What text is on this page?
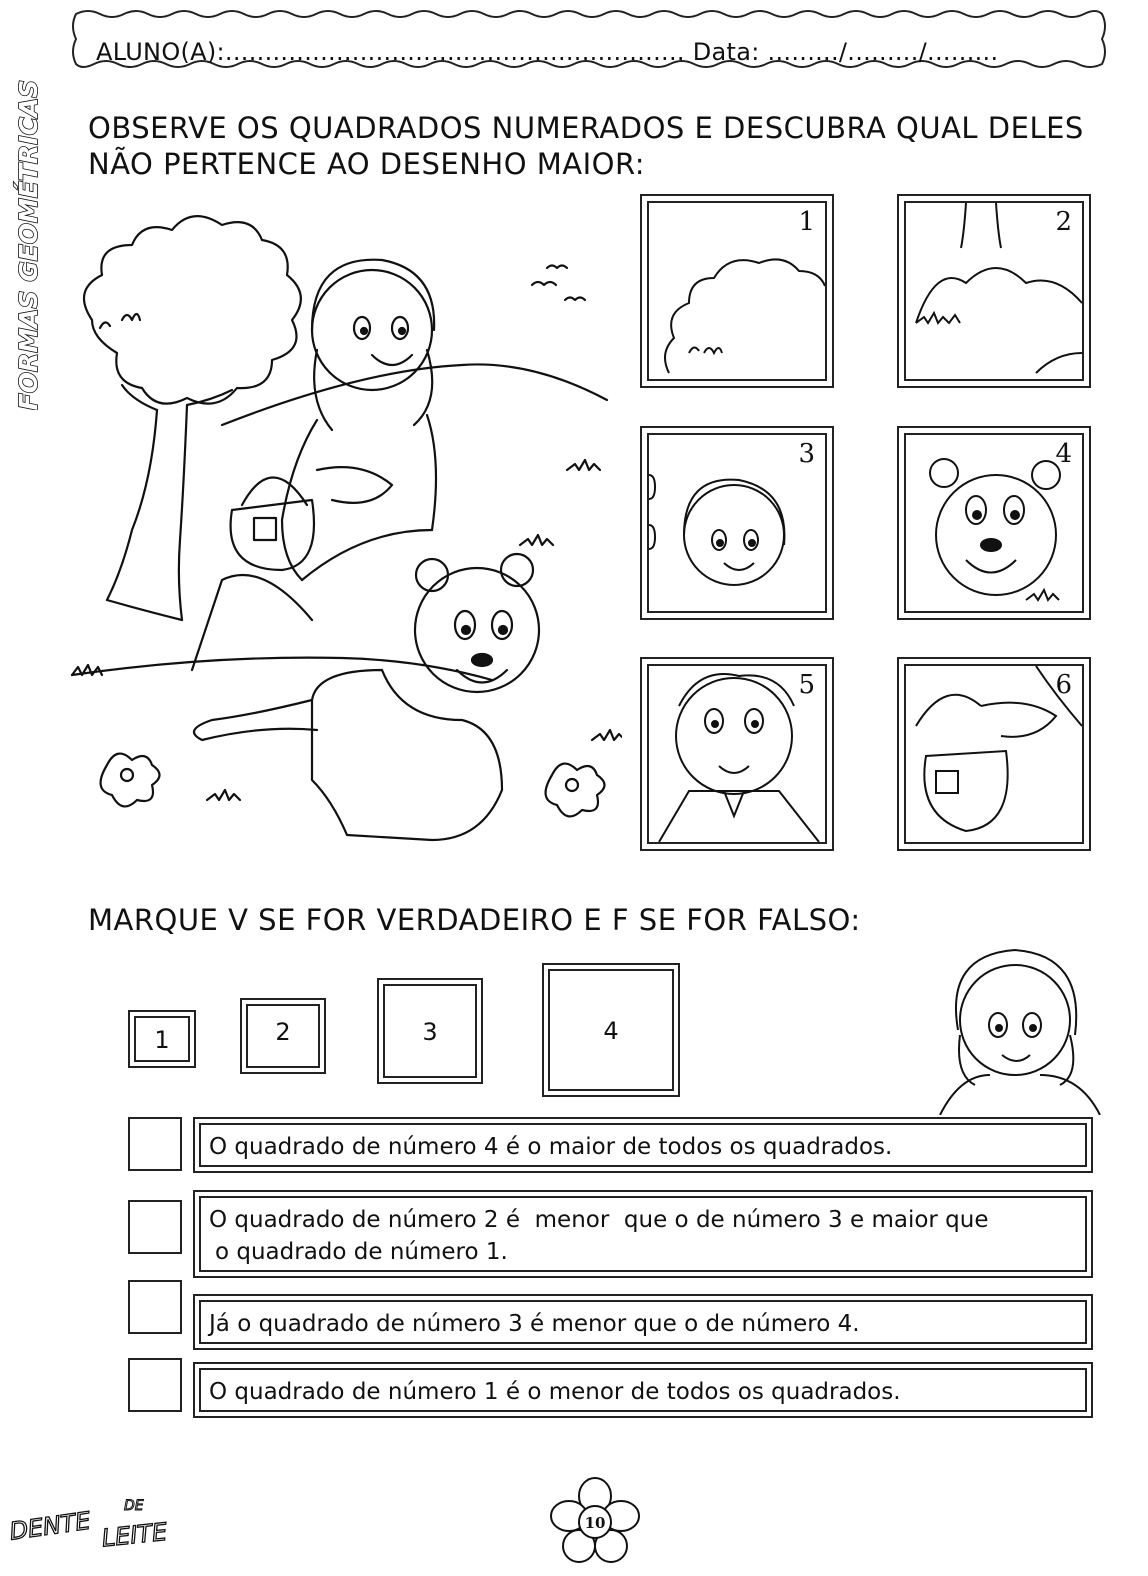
ALUNO(A):.......................................................... Data: ........./........./.........
FORMAS GEOMÉTRICAS OBSERVE OS QUADRADOS NUMERADOS E DESCUBRA QUAL DELES
NÃO PERTENCE AO DESENHO MAIOR:
1	2
3	4
5	6
MARQUE V SE FOR VERDADEIRO E F SE FOR FALSO:
1	2	3	4
O quadrado de número 4 é o maior de todos os quadrados.
O quadrado de número 2 é  menor  que o de número 3 e maior que
o quadrado de número 1.
Já o quadrado de número 3 é menor que o de número 4.
O quadrado de número 1 é o menor de todos os quadrados.
DENTE
DE
LEITE	10
